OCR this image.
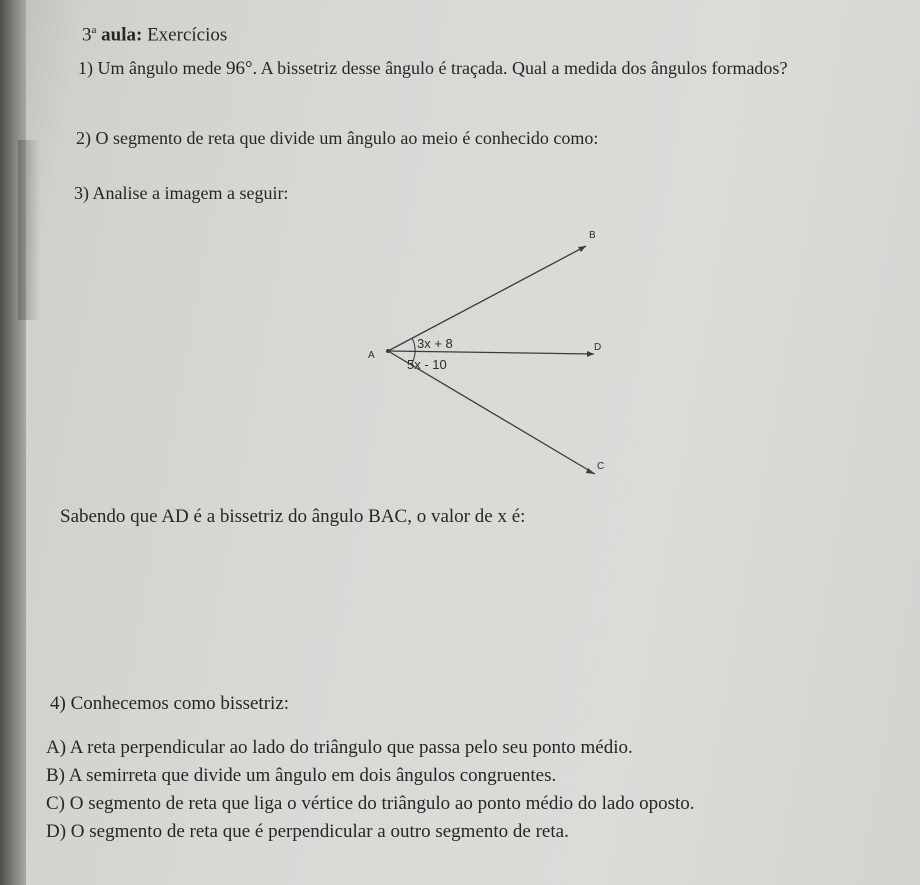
3$^a$ aula: Exercícios
1) Um ângulo mede 96°. A bissetriz desse ângulo é traçada. Qual a medida dos ângulos formados?
2) O segmento de reta que divide um ângulo ao meio é conhecido como:
3) Analise a imagem a seguir:
A
B
D
C
3x + 8
5x - 10
Sabendo que AD é a bissetriz do ângulo BAC, o valor de x é:
4) Conhecemos como bissetriz:
A) A reta perpendicular ao lado do triângulo que passa pelo seu ponto médio.
B) A semirreta que divide um ângulo em dois ângulos congruentes.
C) O segmento de reta que liga o vértice do triângulo ao ponto médio do lado oposto.
D) O segmento de reta que é perpendicular a outro segmento de reta.
